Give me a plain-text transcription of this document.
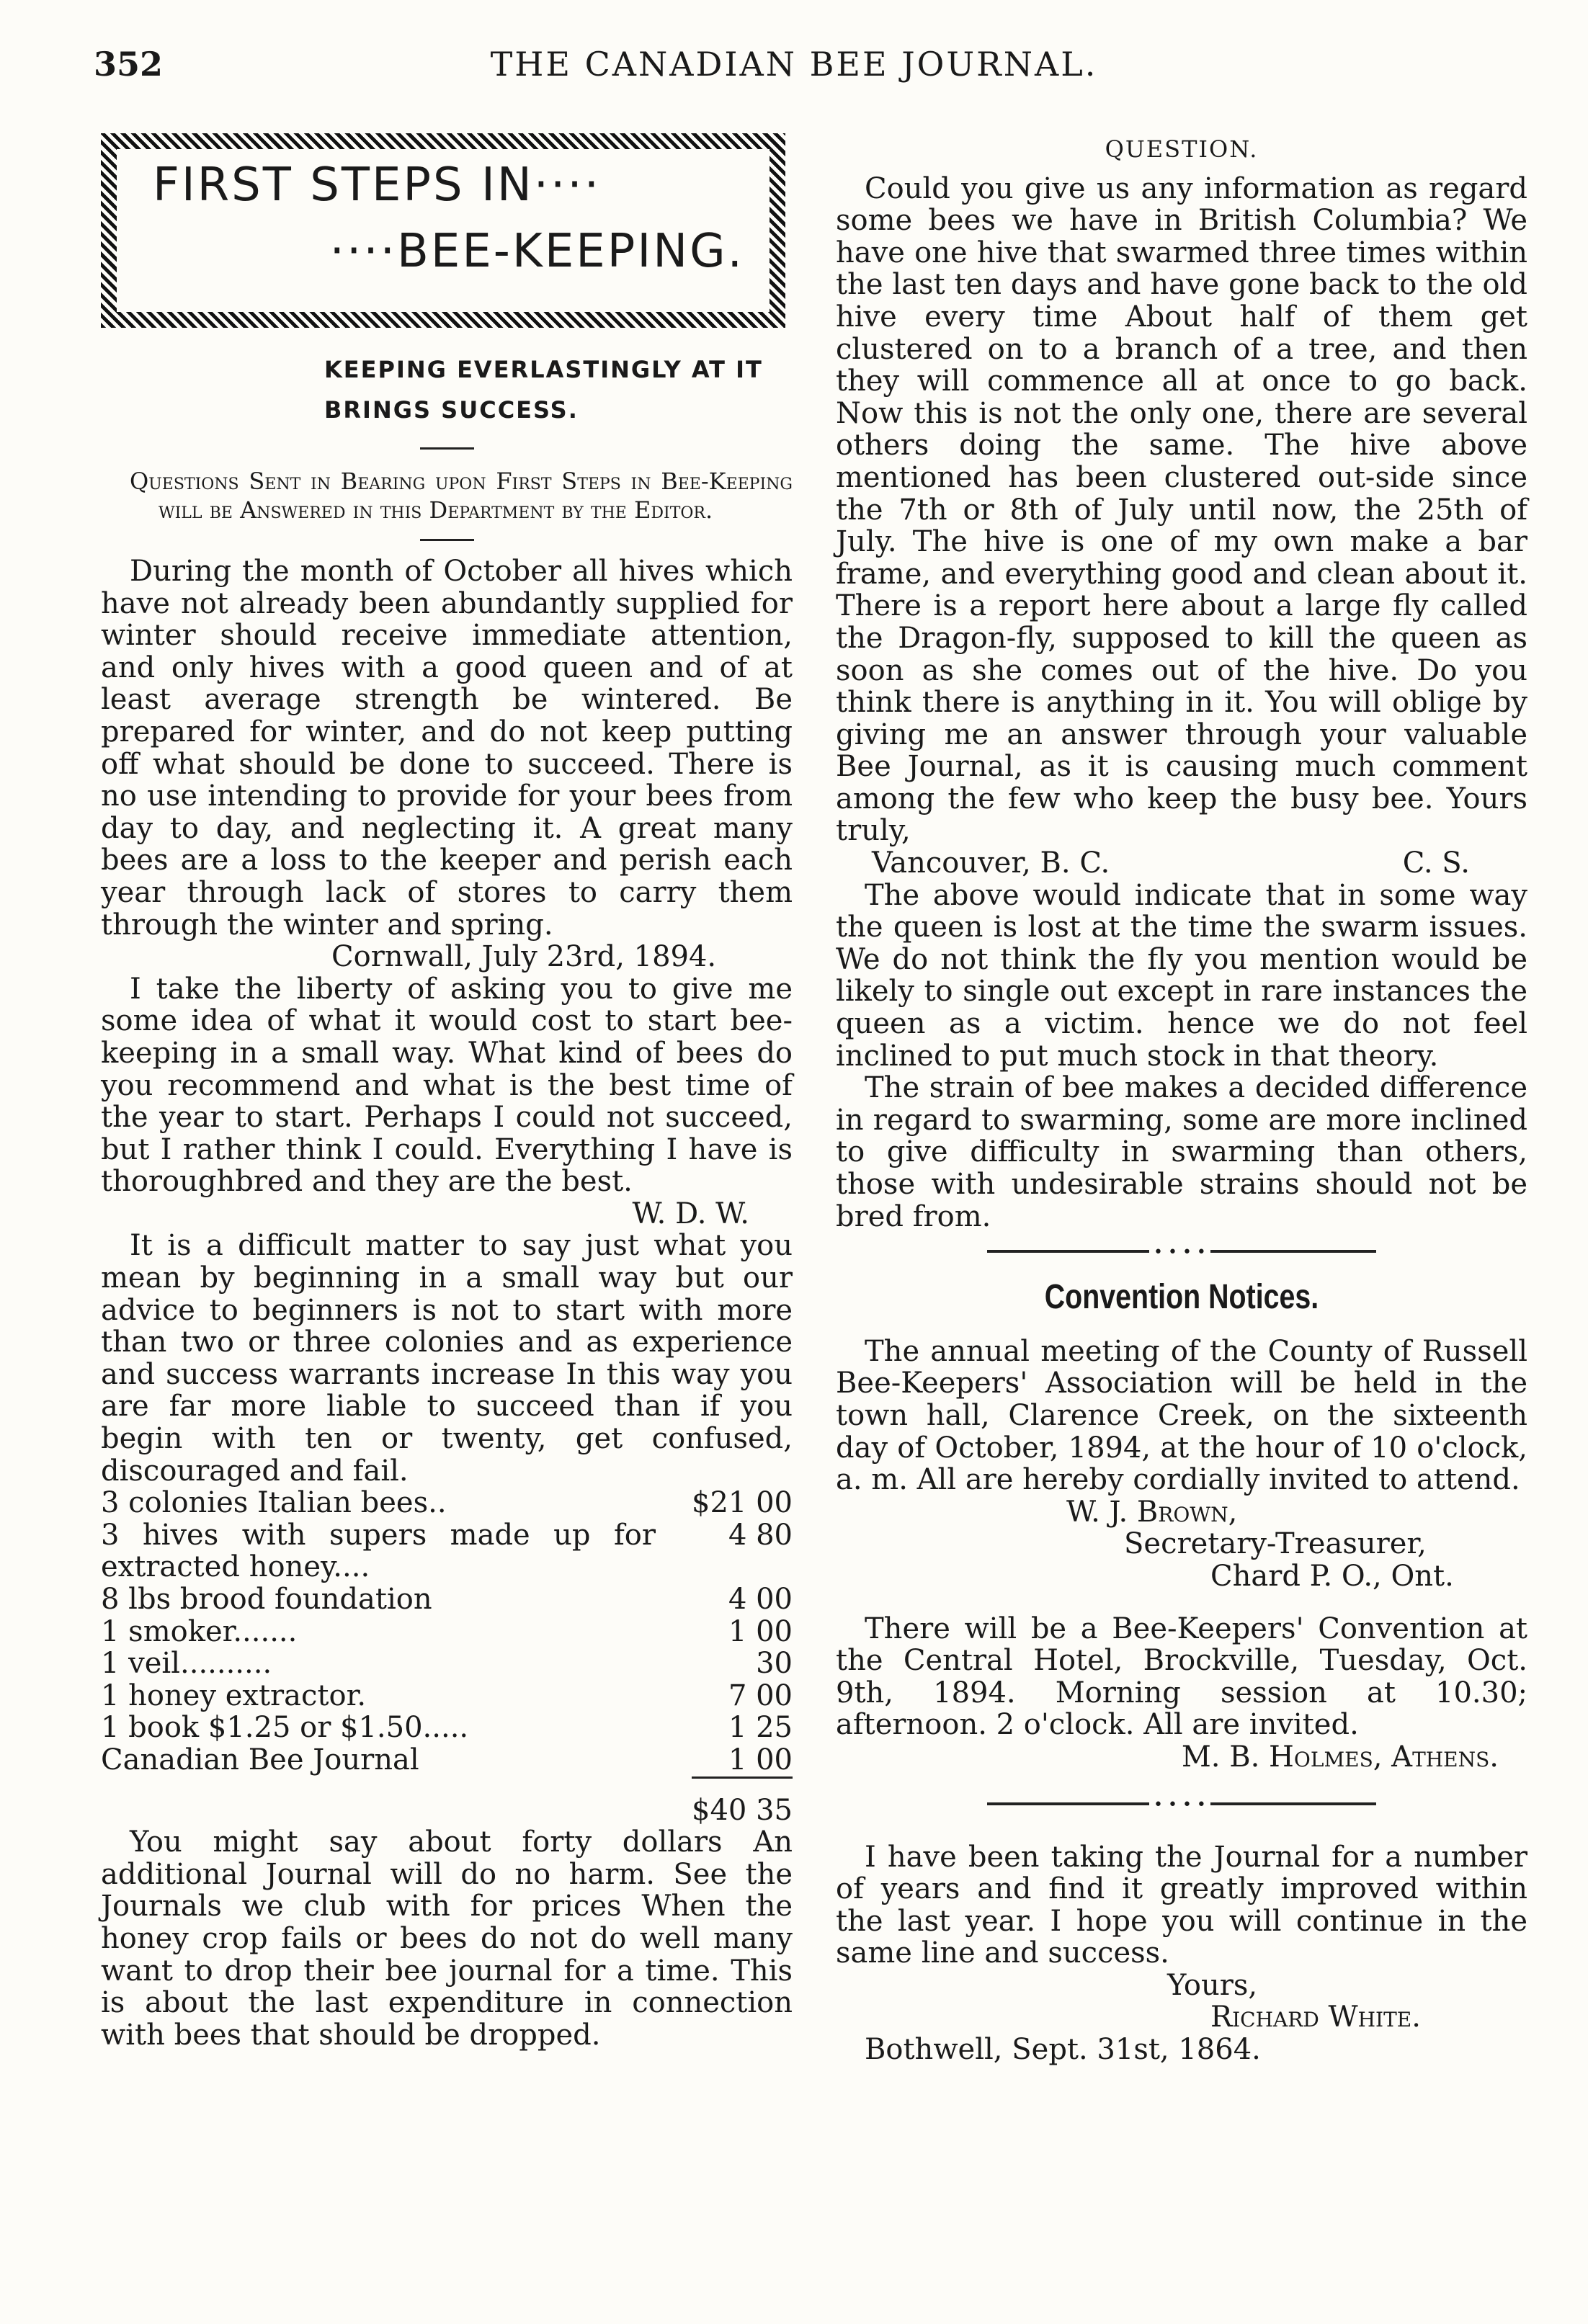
352	THE CANADIAN BEE JOURNAL.
FIRST STEPS IN····
····BEE-KEEPING.
KEEPING EVERLASTINGLY AT IT
BRINGS SUCCESS.
Questions Sent in Bearing upon First Steps in Bee-Keeping will be Answered in this Department by the Editor.

During the month of October all hives which have not already been abundantly supplied for winter should receive immediate attention, and only hives with a good queen and of at least average strength be wintered. Be prepared for winter, and do not keep putting off what should be done to succeed. There is no use intending to provide for your bees from day to day, and neglecting it. A great many bees are a loss to the keeper and perish each year through lack of stores to carry them through the winter and spring.

Cornwall, July 23rd, 1894.

I take the liberty of asking you to give me some idea of what it would cost to start bee-keeping in a small way. What kind of bees do you recommend and what is the best time of the year to start. Perhaps I could not succeed, but I rather think I could. Everything I have is thoroughbred and they are the best.

W. D. W.

It is a difficult matter to say just what you mean by beginning in a small way but our advice to beginners is not to start with more than two or three colonies and as experience and success warrants increase In this way you are far more liable to succeed than if you begin with ten or twenty, get confused, discouraged and fail.

3 colonies Italian bees..	$21 00
3 hives with supers made up for extracted honey....	4 80
8 lbs brood foundation	4 00
1 smoker.......	1 00
1 veil..........	30
1 honey extractor.	7 00
1 book $1.25 or $1.50.....	1 25
Canadian Bee Journal	1 00
	$40 35

You might say about forty dollars An additional Journal will do no harm. See the Journals we club with for prices When the honey crop fails or bees do not do well many want to drop their bee journal for a time. This is about the last expenditure in connection with bees that should be dropped.

QUESTION.

Could you give us any information as regard some bees we have in British Columbia? We have one hive that swarmed three times within the last ten days and have gone back to the old hive every time About half of them get clustered on to a branch of a tree, and then they will commence all at once to go back. Now this is not the only one, there are several others doing the same. The hive above mentioned has been clustered out-side since the 7th or 8th of July until now, the 25th of July. The hive is one of my own make a bar frame, and everything good and clean about it. There is a report here about a large fly called the Dragon-fly, supposed to kill the queen as soon as she comes out of the hive. Do you think there is anything in it. You will oblige by giving me an answer through your valuable Bee Journal, as it is causing much comment among the few who keep the busy bee. Yours truly,

Vancouver, B. C.	C. S.

The above would indicate that in some way the queen is lost at the time the swarm issues. We do not think the fly you mention would be likely to single out except in rare instances the queen as a victim. hence we do not feel inclined to put much stock in that theory.

The strain of bee makes a decided difference in regard to swarming, some are more inclined to give difficulty in swarming than others, those with undesirable strains should not be bred from.

• • • •
Convention Notices.

The annual meeting of the County of Russell Bee-Keepers' Association will be held in the town hall, Clarence Creek, on the sixteenth day of October, 1894, at the hour of 10 o'clock, a. m. All are hereby cordially invited to attend.

W. J. Brown,

Secretary-Treasurer,

Chard P. O., Ont.

There will be a Bee-Keepers' Convention at the Central Hotel, Brockville, Tuesday, Oct. 9th, 1894. Morning session at 10.30; afternoon. 2 o'clock. All are invited.

M. B. Holmes, Athens.

• • • •

I have been taking the Journal for a number of years and find it greatly improved within the last year. I hope you will continue in the same line and success.

Yours,

Richard White.

Bothwell, Sept. 31st, 1864.
